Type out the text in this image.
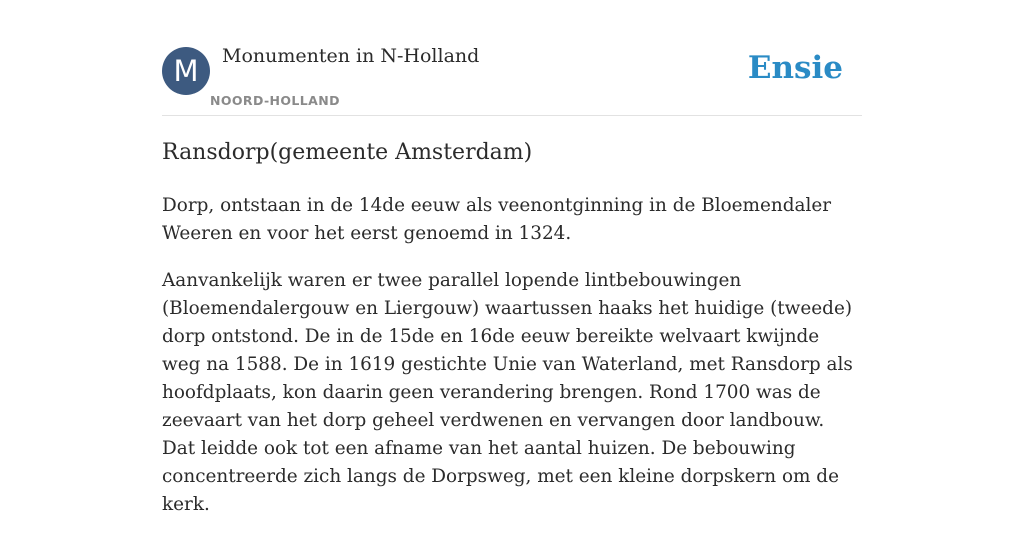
M	Monumenten in N-Holland
NOORD-HOLLAND
Ensie
Ransdorp(gemeente Amsterdam)

Dorp, ontstaan in de 14de eeuw als veenontginning in de Bloemendaler Weeren en voor het eerst genoemd in 1324.

Aanvankelijk waren er twee parallel lopende lintbebouwingen (Bloemendalergouw en Liergouw) waartussen haaks het huidige (tweede) dorp ontstond. De in de 15de en 16de eeuw bereikte welvaart kwijnde weg na 1588. De in 1619 gestichte Unie van Waterland, met Ransdorp als hoofdplaats, kon daarin geen verandering brengen. Rond 1700 was de zeevaart van het dorp geheel verdwenen en vervangen door landbouw. Dat leidde ook tot een afname van het aantal huizen. De bebouwing concentreerde zich langs de Dorpsweg, met een kleine dorpskern om de kerk.
